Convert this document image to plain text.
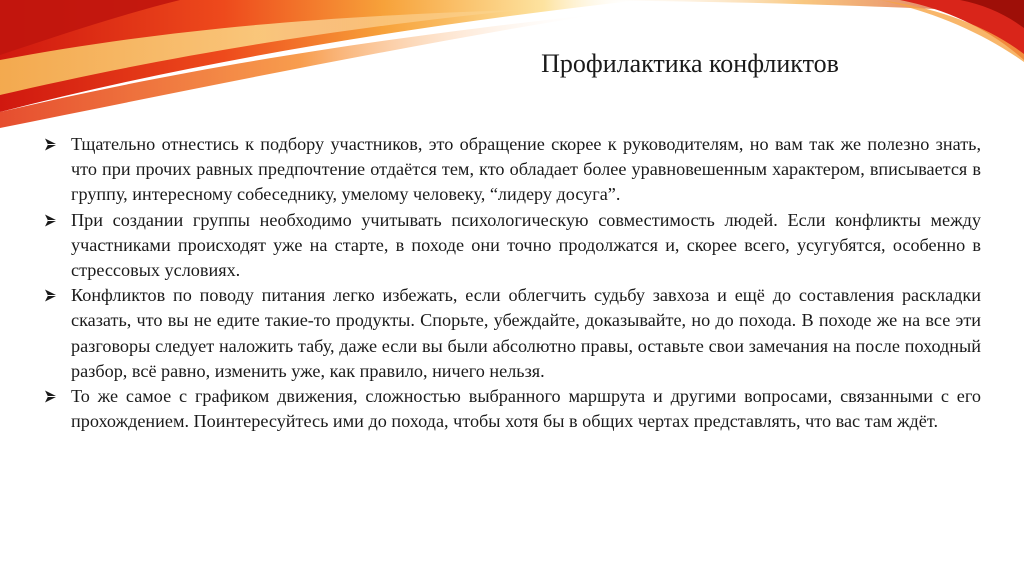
Профилактика конфликтов
Тщательно отнестись к подбору участников, это обращение скорее к руководителям, но вам так же полезно знать, что при прочих равных предпочтение отдаётся тем, кто обладает более уравновешенным характером, вписывается в группу, интересному собеседнику, умелому человеку, “лидеру досуга”.
При создании группы необходимо учитывать психологическую совместимость людей. Если конфликты между участниками происходят уже на старте, в походе они точно продолжатся и, скорее всего, усугубятся, особенно в стрессовых условиях.
Конфликтов по поводу питания легко избежать, если облегчить судьбу завхоза и ещё до составления раскладки сказать, что вы не едите такие-то продукты. Спорьте, убеждайте, доказывайте, но до похода. В походе же на все эти разговоры следует наложить табу, даже если вы были абсолютно правы, оставьте свои замечания на после походный разбор, всё равно, изменить уже, как правило, ничего нельзя.
То же самое с графиком движения, сложностью выбранного маршрута и другими вопросами, связанными с его прохождением. Поинтересуйтесь ими до похода, чтобы хотя бы в общих чертах представлять, что вас там ждёт.
